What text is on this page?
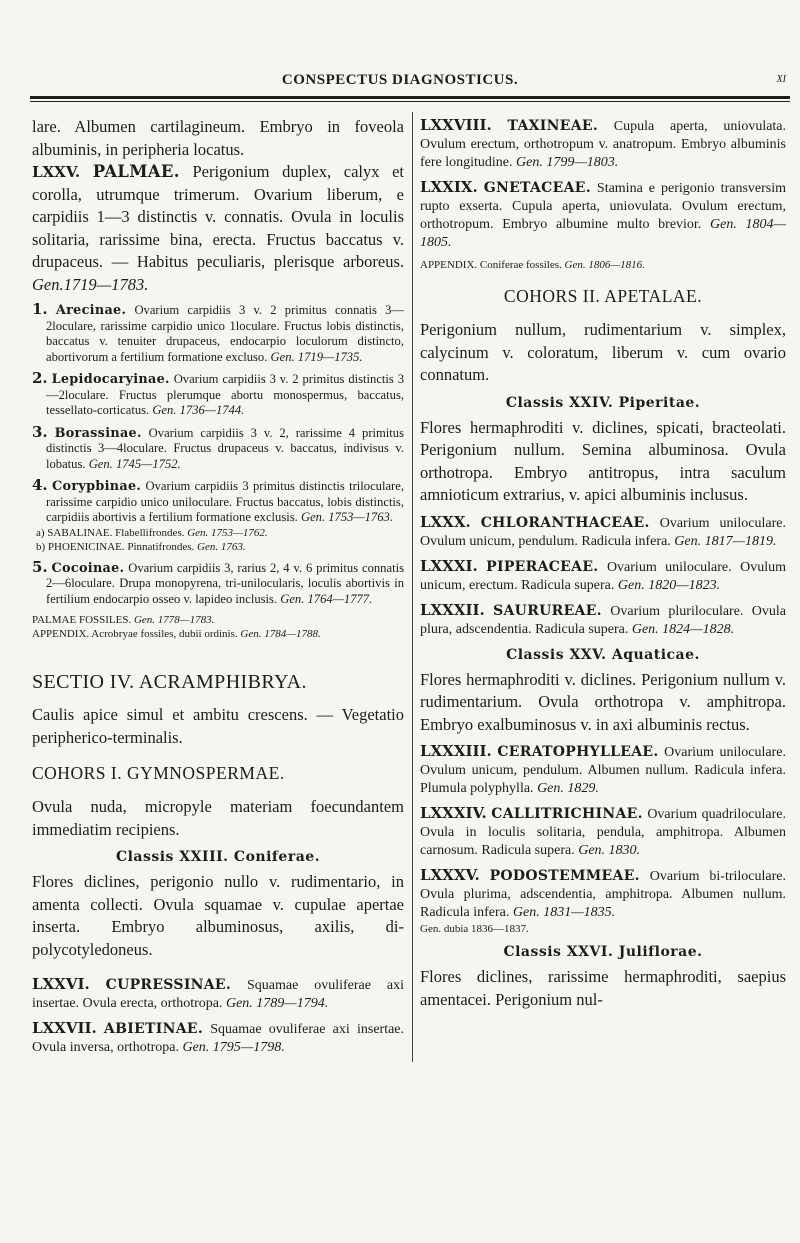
CONSPECTUS DIAGNOSTICUS.	XI

lare. Albumen cartilagineum. Embryo in foveola albuminis, in peripheria locatus.

LXXV. PALMAE. Perigonium duplex, calyx et corolla, utrumque trimerum. Ovarium liberum, e carpidiis 1—3 distinctis v. connatis. Ovula in loculis solitaria, rarissime bina, erecta. Fructus baccatus v. drupaceus. — Habitus peculiaris, plerisque arboreus. Gen.1719—1783.

1. Arecinae. Ovarium carpidiis 3 v. 2 primitus connatis 3—2loculare, rarissime carpidio unico 1loculare. Fructus lobis distinctis, baccatus v. tenuiter drupaceus, endocarpio loculorum distincto, abortivorum a fertilium formatione excluso. Gen. 1719—1735.

2. Lepidocaryinae. Ovarium carpidiis 3 v. 2 primitus distinctis 3—2loculare. Fructus plerumque abortu monospermus, baccatus, tessellato-corticatus. Gen. 1736—1744.

3. Borassinae. Ovarium carpidiis 3 v. 2, rarissime 4 primitus distinctis 3—4loculare. Fructus drupaceus v. baccatus, indivisus v. lobatus. Gen. 1745—1752.

4. Corypbinae. Ovarium carpidiis 3 primitus distinctis triloculare, rarissime carpidio unico uniloculare. Fructus baccatus, lobis distinctis, carpidiis abortivis a fertilium formatione exclusis. Gen. 1753—1763.

a) SABALINAE. Flabellifrondes. Gen. 1753—1762.

b) PHOENICINAE. Pinnatifrondes. Gen. 1763.

5. Cocoinae. Ovarium carpidiis 3, rarius 2, 4 v. 6 primitus connatis 2—6loculare. Drupa monopyrena, tri-unilocularis, loculis abortivis in fertilium endocarpio osseo v. lapideo inclusis. Gen. 1764—1777.

PALMAE FOSSILES. Gen. 1778—1783.

APPENDIX. Acrobryae fossiles, dubii ordinis. Gen. 1784—1788.

SECTIO IV. ACRAMPHIBRYA.

Caulis apice simul et ambitu crescens. — Vegetatio peripherico-terminalis.

COHORS I. GYMNOSPERMAE.

Ovula nuda, micropyle materiam foecundantem immediatim recipiens.

Classis XXIII. Coniferae.

Flores diclines, perigonio nullo v. rudimentario, in amenta collecti. Ovula squamae v. cupulae apertae inserta. Embryo albuminosus, axilis, di-polycotyledoneus.

LXXVI. CUPRESSINAE. Squamae ovuliferae axi insertae. Ovula erecta, orthotropa. Gen. 1789—1794.

LXXVII. ABIETINAE. Squamae ovuliferae axi insertae. Ovula inversa, orthotropa. Gen. 1795—1798.

LXXVIII. TAXINEAE. Cupula aperta, uniovulata. Ovulum erectum, orthotropum v. anatropum. Embryo albuminis fere longitudine. Gen. 1799—1803.

LXXIX. GNETACEAE. Stamina e perigonio transversim rupto exserta. Cupula aperta, uniovulata. Ovulum erectum, orthotropum. Embryo albumine multo brevior. Gen. 1804—1805.

APPENDIX. Coniferae fossiles. Gen. 1806—1816.

COHORS II. APETALAE.

Perigonium nullum, rudimentarium v. simplex, calycinum v. coloratum, liberum v. cum ovario connatum.

Classis XXIV. Piperitae.

Flores hermaphroditi v. diclines, spicati, bracteolati. Perigonium nullum. Semina albuminosa. Ovula orthotropa. Embryo antitropus, intra saculum amnioticum extrarius, v. apici albuminis inclusus.

LXXX. CHLORANTHACEAE. Ovarium uniloculare. Ovulum unicum, pendulum. Radicula infera. Gen. 1817—1819.

LXXXI. PIPERACEAE. Ovarium uniloculare. Ovulum unicum, erectum. Radicula supera. Gen. 1820—1823.

LXXXII. SAURUREAE. Ovarium pluriloculare. Ovula plura, adscendentia. Radicula supera. Gen. 1824—1828.

Classis XXV. Aquaticae.

Flores hermaphroditi v. diclines. Perigonium nullum v. rudimentarium. Ovula orthotropa v. amphitropa. Embryo exalbuminosus v. in axi albuminis rectus.

LXXXIII. CERATOPHYLLEAE. Ovarium uniloculare. Ovulum unicum, pendulum. Albumen nullum. Radicula infera. Plumula polyphylla. Gen. 1829.

LXXXIV. CALLITRICHINAE. Ovarium quadriloculare. Ovula in loculis solitaria, pendula, amphitropa. Albumen carnosum. Radicula supera. Gen. 1830.

LXXXV. PODOSTEMMEAE. Ovarium bi-triloculare. Ovula plurima, adscendentia, amphitropa. Albumen nullum. Radicula infera. Gen. 1831—1835.

Gen. dubia 1836—1837.

Classis XXVI. Juliflorae.

Flores diclines, rarissime hermaphroditi, saepius amentacei. Perigonium nul-
